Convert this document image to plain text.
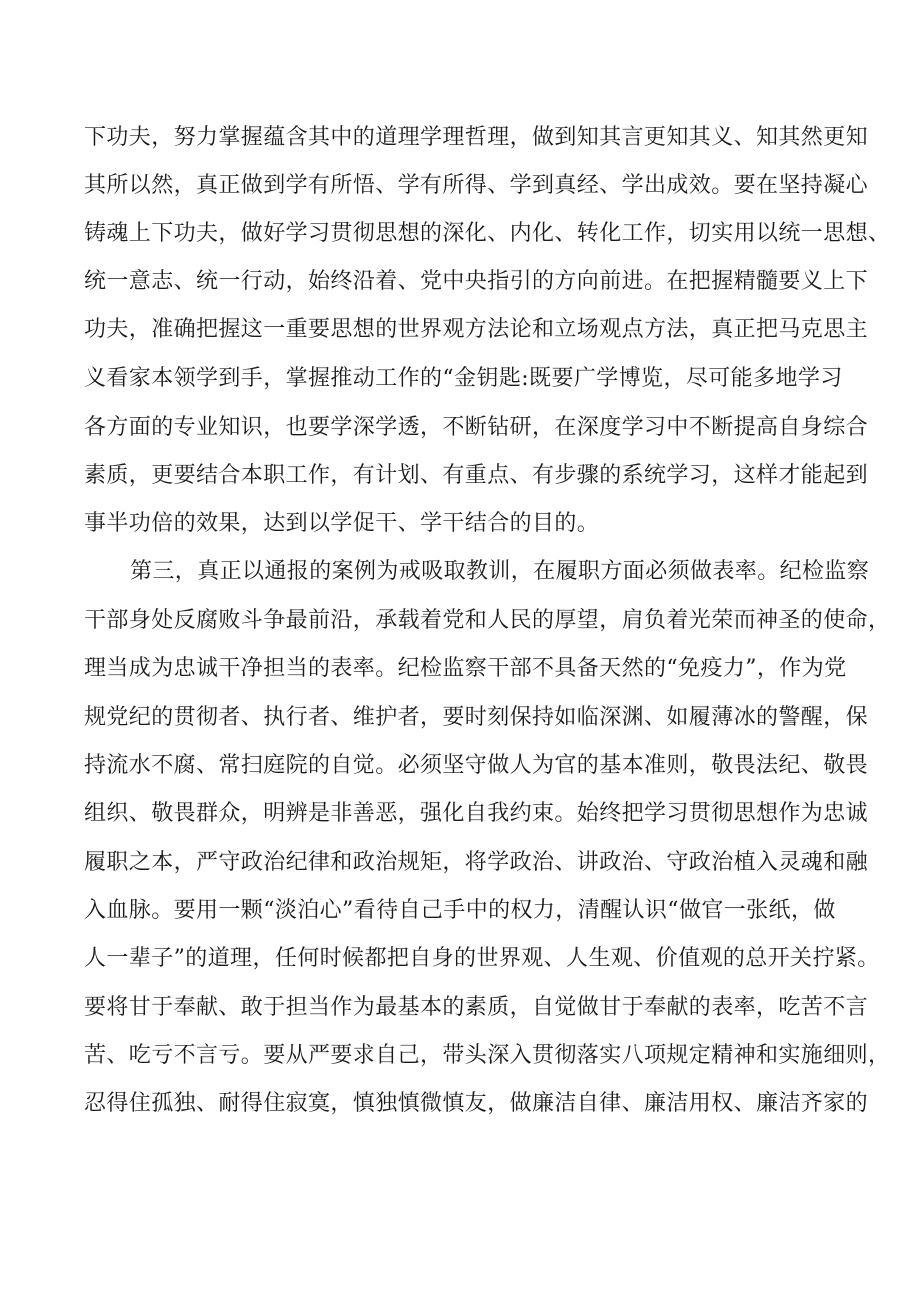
下功夫，努力掌握蕴含其中的道理学理哲理，做到知其言更知其义、知其然更知
其所以然，真正做到学有所悟、学有所得、学到真经、学出成效。要在坚持凝心
铸魂上下功夫，做好学习贯彻思想的深化、内化、转化工作，切实用以统一思想、
统一意志、统一行动，始终沿着、党中央指引的方向前进。在把握精髓要义上下
功夫，准确把握这一重要思想的世界观方法论和立场观点方法，真正把马克思主
义看家本领学到手，掌握推动工作的“金钥匙:既要广学博览，尽可能多地学习
各方面的专业知识，也要学深学透，不断钻研，在深度学习中不断提高自身综合
素质，更要结合本职工作，有计划、有重点、有步骤的系统学习，这样才能起到
事半功倍的效果，达到以学促干、学干结合的目的。
第三，真正以通报的案例为戒吸取教训，在履职方面必须做表率。纪检监察
干部身处反腐败斗争最前沿，承载着党和人民的厚望，肩负着光荣而神圣的使命，
理当成为忠诚干净担当的表率。纪检监察干部不具备天然的“免疫力”，作为党
规党纪的贯彻者、执行者、维护者，要时刻保持如临深渊、如履薄冰的警醒，保
持流水不腐、常扫庭院的自觉。必须坚守做人为官的基本准则，敬畏法纪、敬畏
组织、敬畏群众，明辨是非善恶，强化自我约束。始终把学习贯彻思想作为忠诚
履职之本，严守政治纪律和政治规矩，将学政治、讲政治、守政治植入灵魂和融
入血脉。要用一颗“淡泊心”看待自己手中的权力，清醒认识“做官一张纸，做
人一辈子”的道理，任何时候都把自身的世界观、人生观、价值观的总开关拧紧。
要将甘于奉献、敢于担当作为最基本的素质，自觉做甘于奉献的表率，吃苦不言
苦、吃亏不言亏。要从严要求自己，带头深入贯彻落实八项规定精神和实施细则，
忍得住孤独、耐得住寂寞，慎独慎微慎友，做廉洁自律、廉洁用权、廉洁齐家的
